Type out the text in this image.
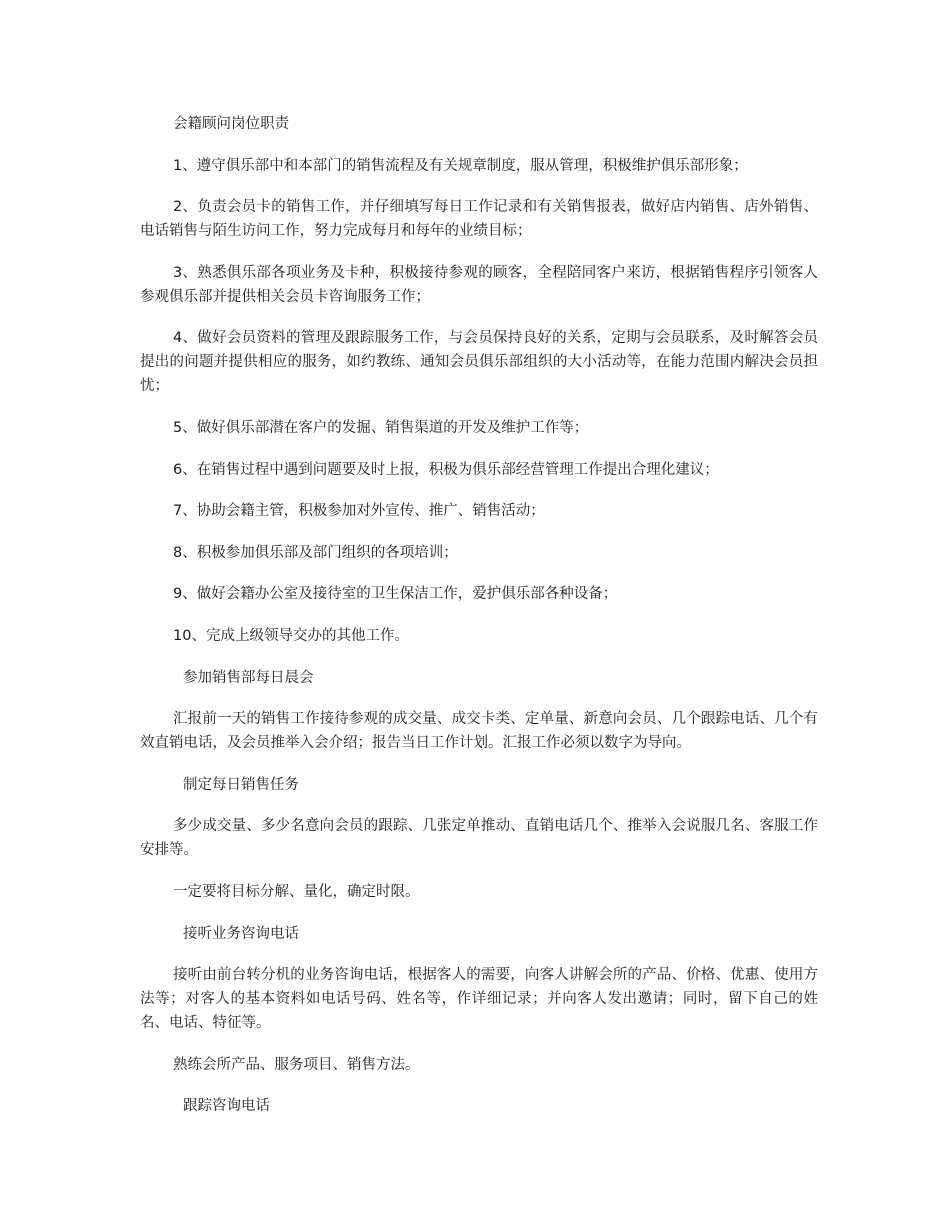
会籍顾问岗位职责

1、遵守俱乐部中和本部门的销售流程及有关规章制度，服从管理，积极维护俱乐部形象；

2、负责会员卡的销售工作，并仔细填写每日工作记录和有关销售报表，做好店内销售、店外销售、电话销售与陌生访问工作，努力完成每月和每年的业绩目标；

3、熟悉俱乐部各项业务及卡种，积极接待参观的顾客，全程陪同客户来访，根据销售程序引领客人参观俱乐部并提供相关会员卡咨询服务工作；

4、做好会员资料的管理及跟踪服务工作，与会员保持良好的关系，定期与会员联系，及时解答会员提出的问题并提供相应的服务，如约教练、通知会员俱乐部组织的大小活动等，在能力范围内解决会员担忧；

5、做好俱乐部潜在客户的发掘、销售渠道的开发及维护工作等；

6、在销售过程中遇到问题要及时上报，积极为俱乐部经营管理工作提出合理化建议；

7、协助会籍主管，积极参加对外宣传、推广、销售活动；

8、积极参加俱乐部及部门组织的各项培训；

9、做好会籍办公室及接待室的卫生保洁工作，爱护俱乐部各种设备；

10、完成上级领导交办的其他工作。

参加销售部每日晨会

汇报前一天的销售工作接待参观的成交量、成交卡类、定单量、新意向会员、几个跟踪电话、几个有效直销电话，及会员推举入会介绍；报告当日工作计划。汇报工作必须以数字为导向。

制定每日销售任务

多少成交量、多少名意向会员的跟踪、几张定单推动、直销电话几个、推举入会说服几名、客服工作安排等。

一定要将目标分解、量化，确定时限。

接听业务咨询电话

接听由前台转分机的业务咨询电话，根据客人的需要，向客人讲解会所的产品、价格、优惠、使用方法等；对客人的基本资料如电话号码、姓名等，作详细记录；并向客人发出邀请；同时，留下自己的姓名、电话、特征等。

熟练会所产品、服务项目、销售方法。

跟踪咨询电话
